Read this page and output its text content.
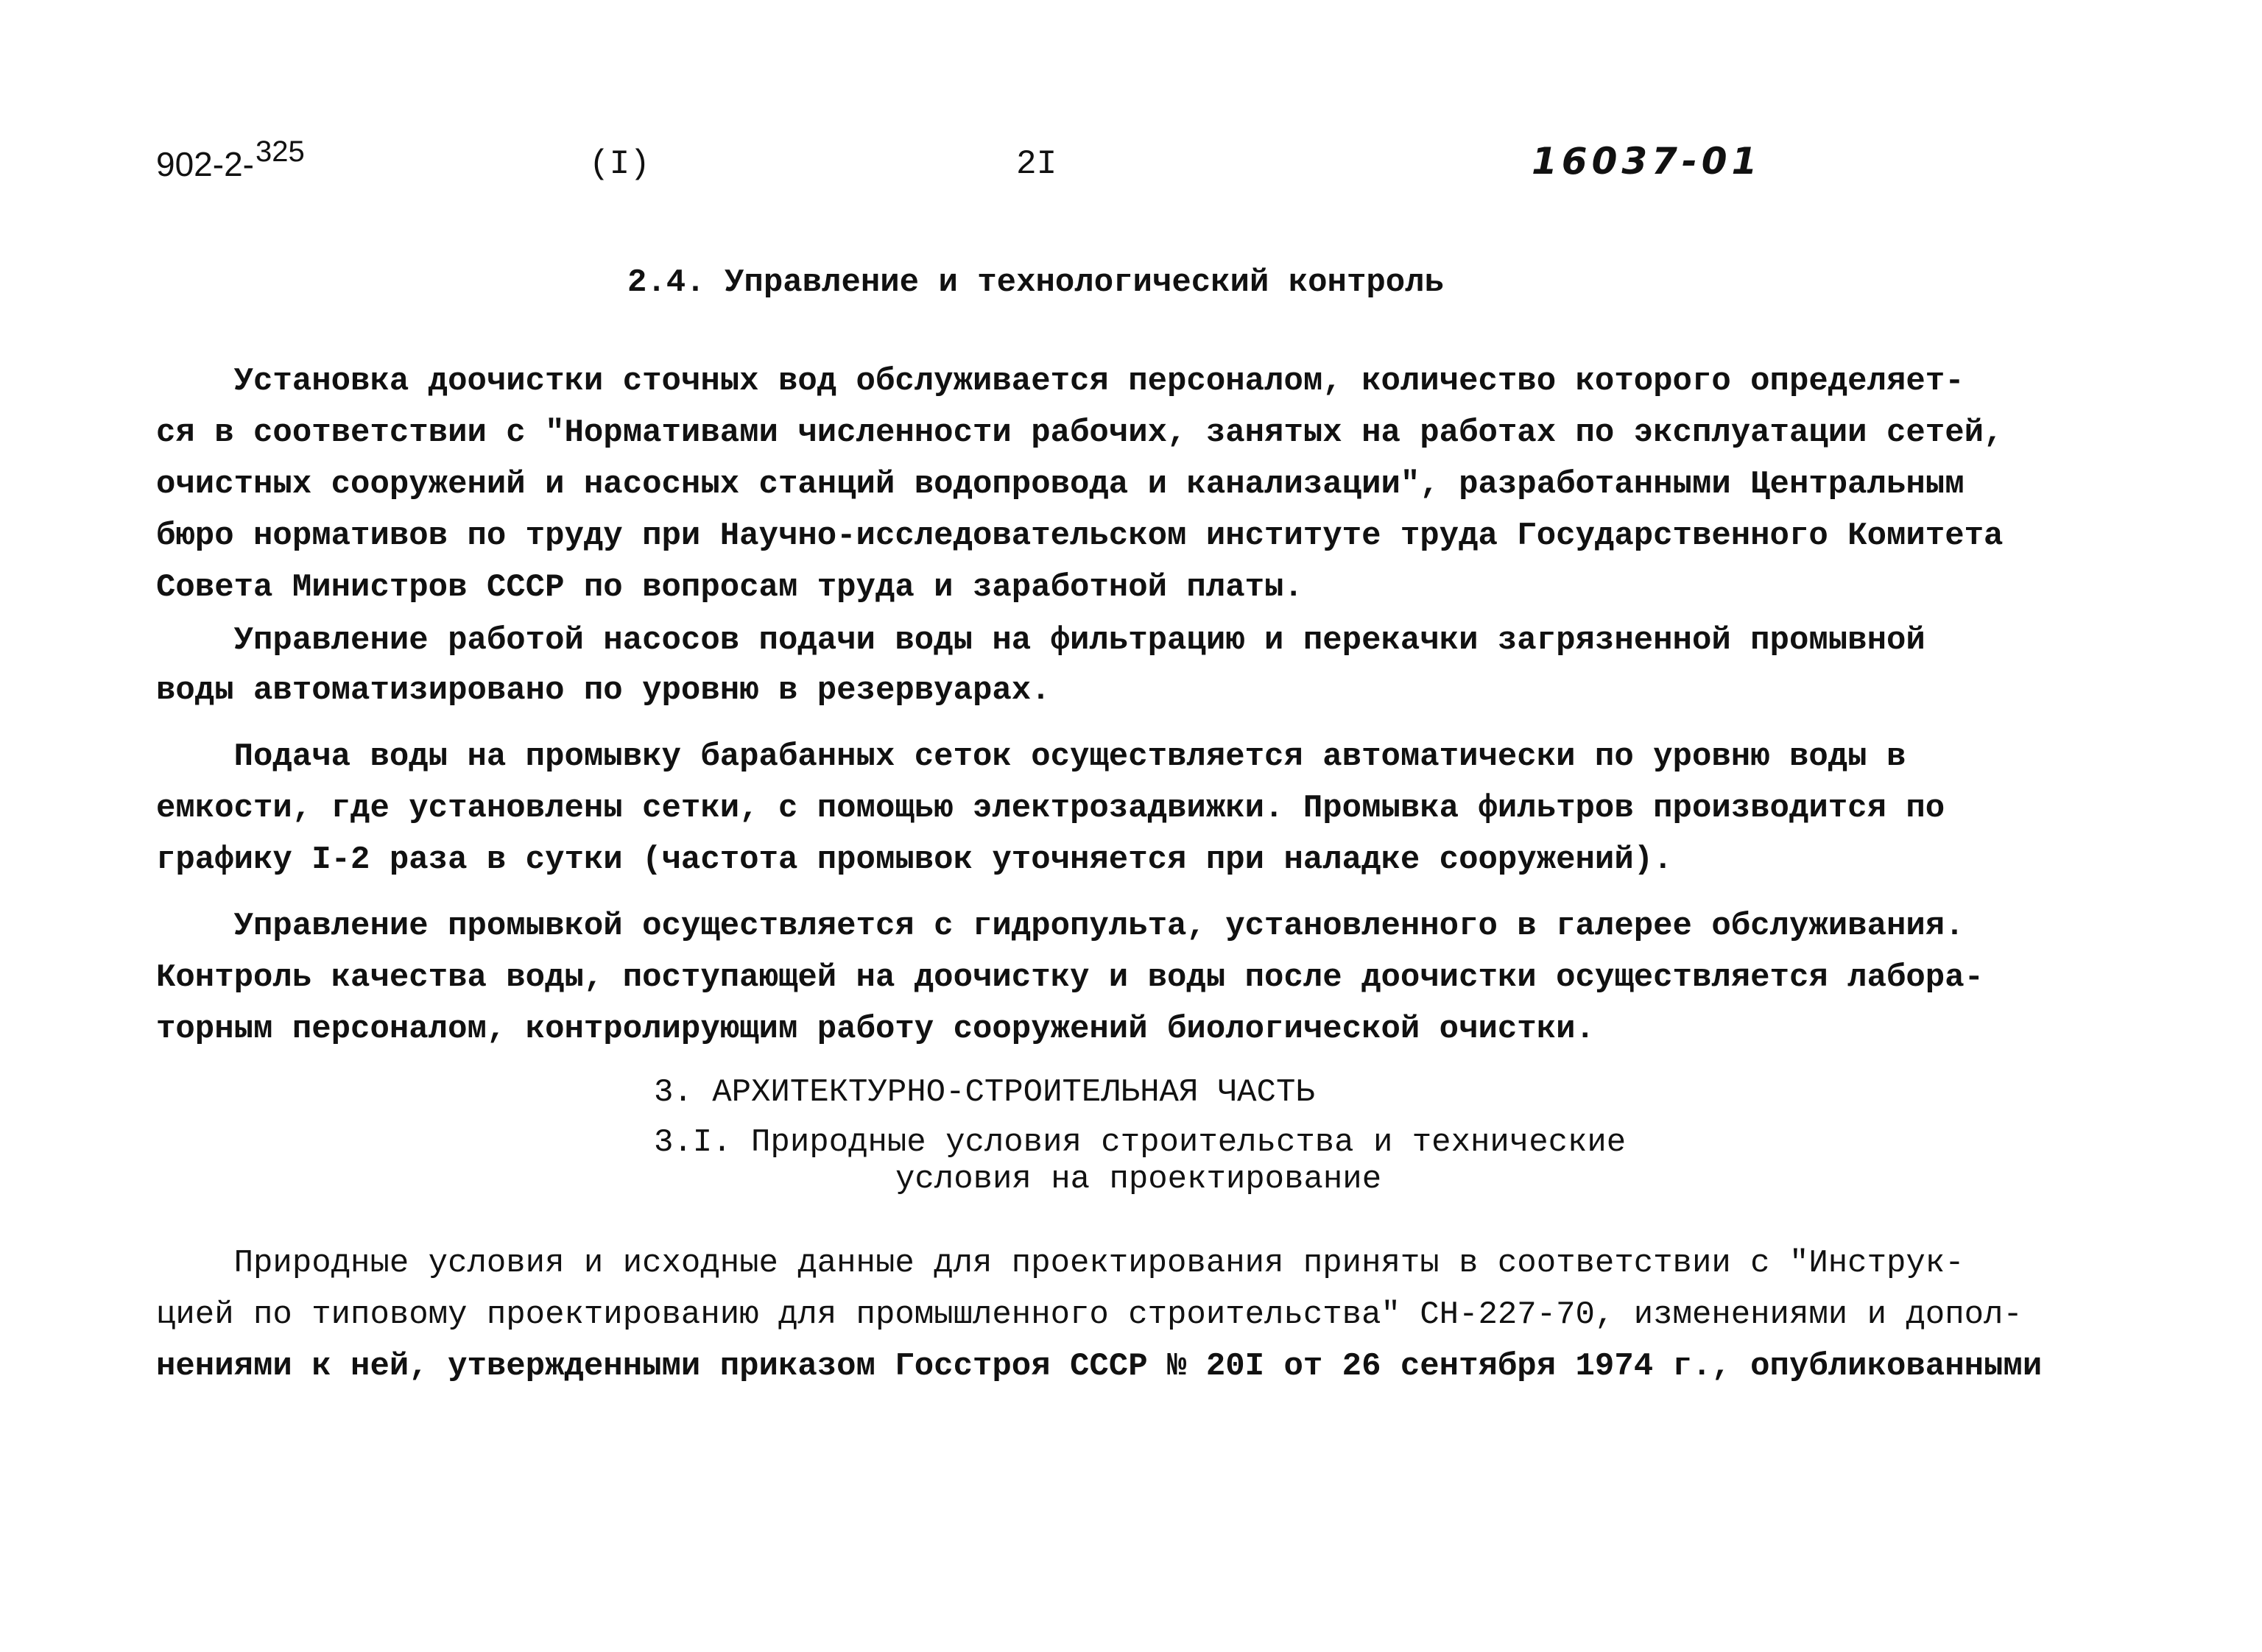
902-2-325	(I)	2I	16037-01
2.4. Управление и технологический контроль
Установка доочистки сточных вод обслуживается персоналом, количество которого определяет-
ся в соответствии с "Нормативами численности рабочих, занятых на работах по эксплуатации сетей,
очистных сооружений и насосных станций водопровода и канализации", разработанными Центральным
бюро нормативов по труду при Научно-исследовательском институте труда Государственного Комитета
Совета Министров СССР по вопросам труда и заработной платы.
Управление работой насосов подачи воды на фильтрацию и перекачки загрязненной промывной
воды автоматизировано по уровню в резервуарах.
Подача воды на промывку барабанных сеток осуществляется автоматически по уровню воды в
емкости, где установлены сетки, с помощью электрозадвижки. Промывка фильтров производится по
графику I-2 раза в сутки (частота промывок уточняется при наладке сооружений).
Управление промывкой осуществляется с гидропульта, установленного в галерее обслуживания.
Контроль качества воды, поступающей на доочистку и воды после доочистки осуществляется лабора-
торным персоналом, контролирующим работу сооружений биологической очистки.
3. АРХИТЕКТУРНО-СТРОИТЕЛЬНАЯ ЧАСТЬ
3.I. Природные условия строительства и технические
условия на проектирование
Природные условия и исходные данные для проектирования приняты в соответствии с "Инструк-
цией по типовому проектированию для промышленного строительства" СН-227-70, изменениями и допол-
нениями к ней, утвержденными приказом Госстроя СССР № 20I от 26 сентября 1974 г., опубликованными
